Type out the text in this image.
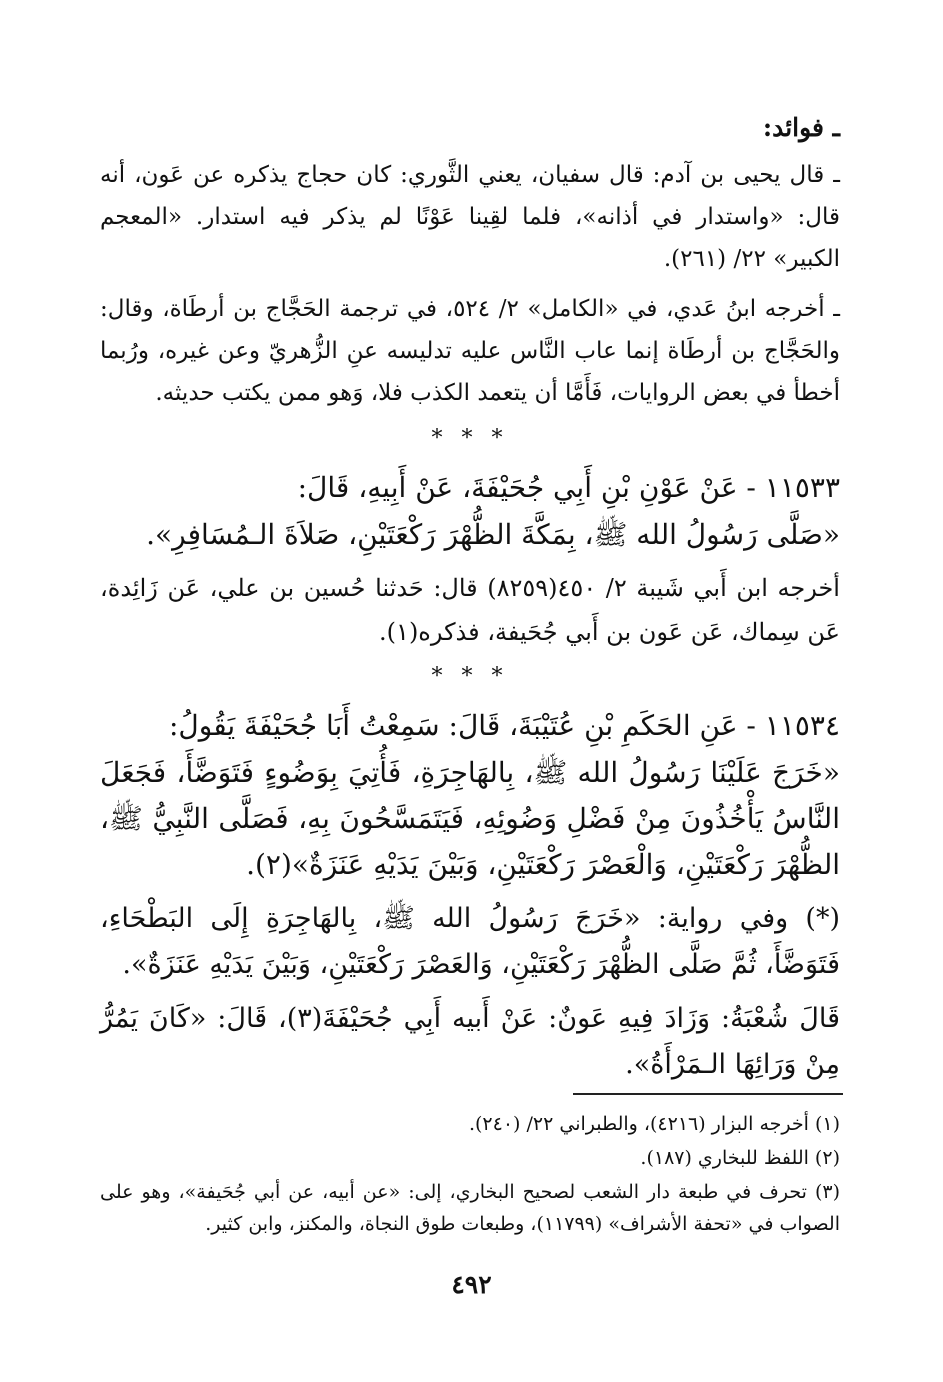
ـ فوائد:

ـ قال يحيى بن آدم: قال سفيان، يعني الثَّوري: كان حجاج يذكره عن عَون، أنه قال: «واستدار في أذانه»، فلما لقِينا عَوْنًا لم يذكر فيه استدار. «المعجم الكبير» ٢٢/ (٢٦١).

ـ أخرجه ابنُ عَدي، في «الكامل» ٢/ ٥٢٤، في ترجمة الحَجَّاج بن أرطَاة، وقال: والحَجَّاج بن أرطَاة إنما عاب النَّاس عليه تدليسه عنِ الزُّهريّ وعن غيره، ورُبما أخطأ في بعض الروايات، فَأَمَّا أن يتعمد الكذب فلا، وَهو ممن يكتب حديثه.

* * *

١١٥٣٣ - عَنْ عَوْنِ بْنِ أَبِي جُحَيْفَةَ، عَنْ أَبِيهِ، قَالَ:

«صَلَّى رَسُولُ الله ﷺ، بِمَكَّةَ الظُّهْرَ رَكْعَتَيْنِ، صَلاَةَ الـمُسَافِرِ».

أخرجه ابن أَبي شَيبة ٢/ ٤٥٠(٨٢٥٩) قال: حَدثنا حُسين بن علي، عَن زَائِدة، عَن سِماك، عَن عَون بن أَبي جُحَيفة، فذكره(١).

* * *

١١٥٣٤ - عَنِ الحَكَمِ بْنِ عُتَيْبَةَ، قَالَ: سَمِعْتُ أَبَا جُحَيْفَةَ يَقُولُ:

«خَرَجَ عَلَيْنَا رَسُولُ الله ﷺ، بِالهَاجِرَةِ، فَأُتِيَ بِوَضُوءٍ فَتَوَضَّأَ، فَجَعَلَ النَّاسُ يَأْخُذُونَ مِنْ فَضْلِ وَضُوئِهِ، فَيَتَمَسَّحُونَ بِهِ، فَصَلَّى النَّبِيُّ ﷺ، الظُّهْرَ رَكْعَتَيْنِ، وَالْعَصْرَ رَكْعَتَيْنِ، وَبَيْنَ يَدَيْهِ عَنَزَةٌ»(٢).

(*) وفي رواية: «خَرَجَ رَسُولُ الله ﷺ، بِالهَاجِرَةِ إِلَى البَطْحَاءِ، فَتَوَضَّأَ، ثُمَّ صَلَّى الظُّهْرَ رَكْعَتَيْنِ، وَالعَصْرَ رَكْعَتَيْنِ، وَبَيْنَ يَدَيْهِ عَنَزَةٌ».

قَالَ شُعْبَةُ: وَزَادَ فِيهِ عَونٌ: عَنْ أَبيه أَبِي جُحَيْفَةَ(٣)، قَالَ: «كَانَ يَمُرُّ مِنْ وَرَائِهَا الـمَرْأَةُ».

(١) أخرجه البزار (٤٢١٦)، والطبراني ٢٢/ (٢٤٠).

(٢) اللفظ للبخاري (١٨٧).

(٣) تحرف في طبعة دار الشعب لصحيح البخاري، إلى: «عن أبيه، عن أبي جُحَيفة»، وهو على الصواب في «تحفة الأشراف» (١١٧٩٩)، وطبعات طوق النجاة، والمكنز، وابن كثير.

٤٩٢
